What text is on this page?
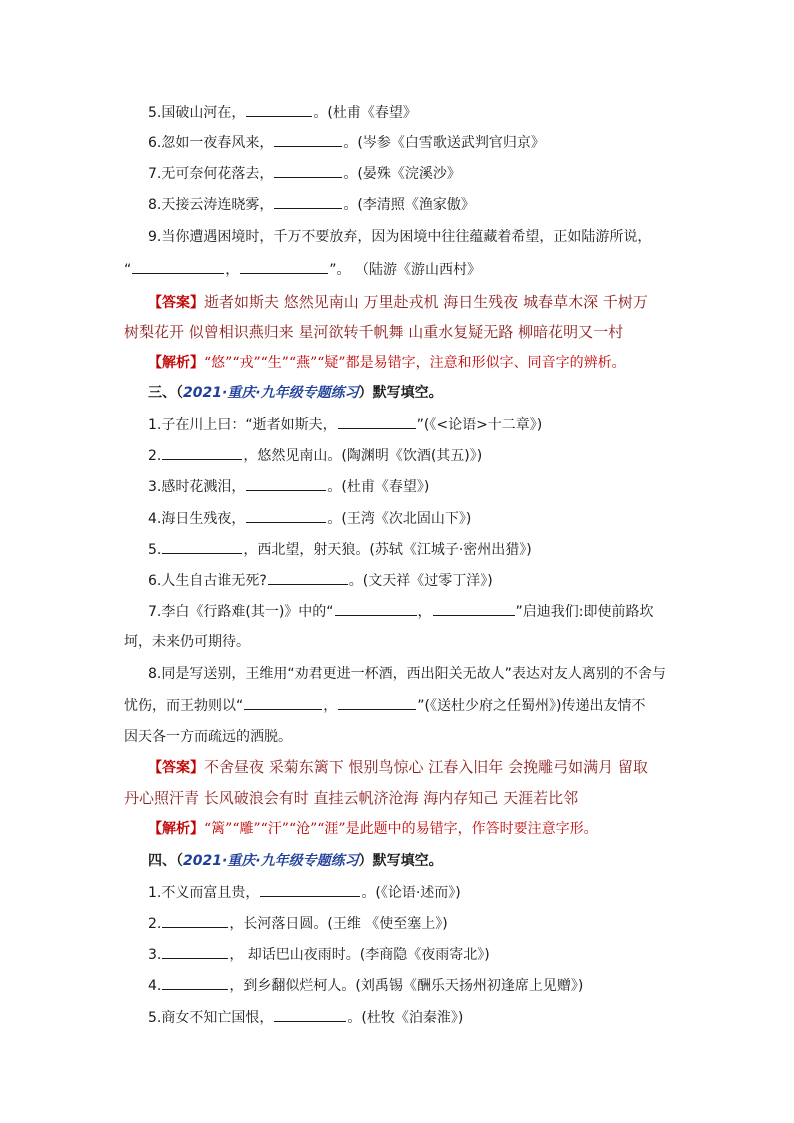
5.国破山河在，	。(杜甫《春望》
6.忽如一夜春风来，	。(岑参《白雪歌送武判官归京》
7.无可奈何花落去，	。(晏殊《浣溪沙》
8.天接云涛连晓雾，	。(李清照《渔家傲》
9.当你遭遇困境时，千万不要放弃，因为困境中往往蕴藏着希望，正如陆游所说，
“	，	”。 （陆游《游山西村》
【答案】逝者如斯夫 悠然见南山 万里赴戎机 海日生残夜 城春草木深 千树万
树梨花开 似曾相识燕归来 星河欲转千帆舞 山重水复疑无路 柳暗花明又一村
【解析】“悠”“戎”“生”“燕”“疑”都是易错字，注意和形似字、同音字的辨析。
三、（2021·重庆·九年级专题练习）默写填空。
1.子在川上曰：“逝者如斯夫，	”(《<论语>十二章》)
2.	，悠然见南山。(陶渊明《饮酒(其五)》)
3.感时花溅泪，	。(杜甫《春望》)
4.海日生残夜，	。(王湾《次北固山下》)
5.	，西北望，射天狼。(苏轼《江城子·密州出猎》)
6.人生自古谁无死?	。(文天祥《过零丁洋》)
7.李白《行路难(其一)》中的“	，	”启迪我们:即使前路坎
坷，未来仍可期待。
8.同是写送别，王维用“劝君更进一杯酒，西出阳关无故人”表达对友人离别的不舍与
忧伤，而王勃则以“	，	”(《送杜少府之任蜀州》)传递出友情不
因天各一方而疏远的洒脱。
【答案】不舍昼夜 采菊东篱下 恨别鸟惊心 江春入旧年 会挽雕弓如满月 留取
丹心照汗青 长风破浪会有时 直挂云帆济沧海 海内存知己 天涯若比邻
【解析】“篱”“雕”“汗”“沧”“涯”是此题中的易错字，作答时要注意字形。
四、（2021·重庆·九年级专题练习）默写填空。
1.不义而富且贵，	。(《论语·述而》)
2.	，长河落日圆。(王维 《使至塞上》)
3.	， 却话巴山夜雨时。(李商隐《夜雨寄北》)
4.	，到乡翻似烂柯人。(刘禹锡《酬乐天扬州初逢席上见赠》)
5.商女不知亡国恨，	。(杜牧《泊秦淮》)
